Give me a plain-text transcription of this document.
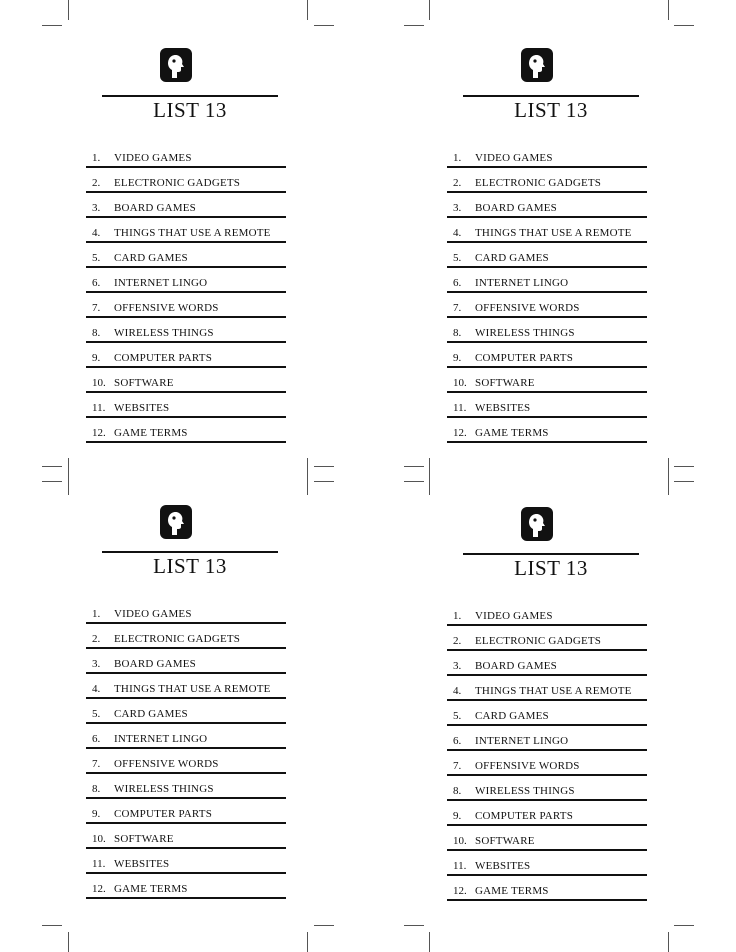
LIST 13
1. VIDEO GAMES
2. ELECTRONIC GADGETS
3. BOARD GAMES
4. THINGS THAT USE A REMOTE
5. CARD GAMES
6. INTERNET LINGO
7. OFFENSIVE WORDS
8. WIRELESS THINGS
9. COMPUTER PARTS
10. SOFTWARE
11. WEBSITES
12. GAME TERMS
LIST 13
1. VIDEO GAMES
2. ELECTRONIC GADGETS
3. BOARD GAMES
4. THINGS THAT USE A REMOTE
5. CARD GAMES
6. INTERNET LINGO
7. OFFENSIVE WORDS
8. WIRELESS THINGS
9. COMPUTER PARTS
10. SOFTWARE
11. WEBSITES
12. GAME TERMS
LIST 13
1. VIDEO GAMES
2. ELECTRONIC GADGETS
3. BOARD GAMES
4. THINGS THAT USE A REMOTE
5. CARD GAMES
6. INTERNET LINGO
7. OFFENSIVE WORDS
8. WIRELESS THINGS
9. COMPUTER PARTS
10. SOFTWARE
11. WEBSITES
12. GAME TERMS
LIST 13
1. VIDEO GAMES
2. ELECTRONIC GADGETS
3. BOARD GAMES
4. THINGS THAT USE A REMOTE
5. CARD GAMES
6. INTERNET LINGO
7. OFFENSIVE WORDS
8. WIRELESS THINGS
9. COMPUTER PARTS
10. SOFTWARE
11. WEBSITES
12. GAME TERMS
